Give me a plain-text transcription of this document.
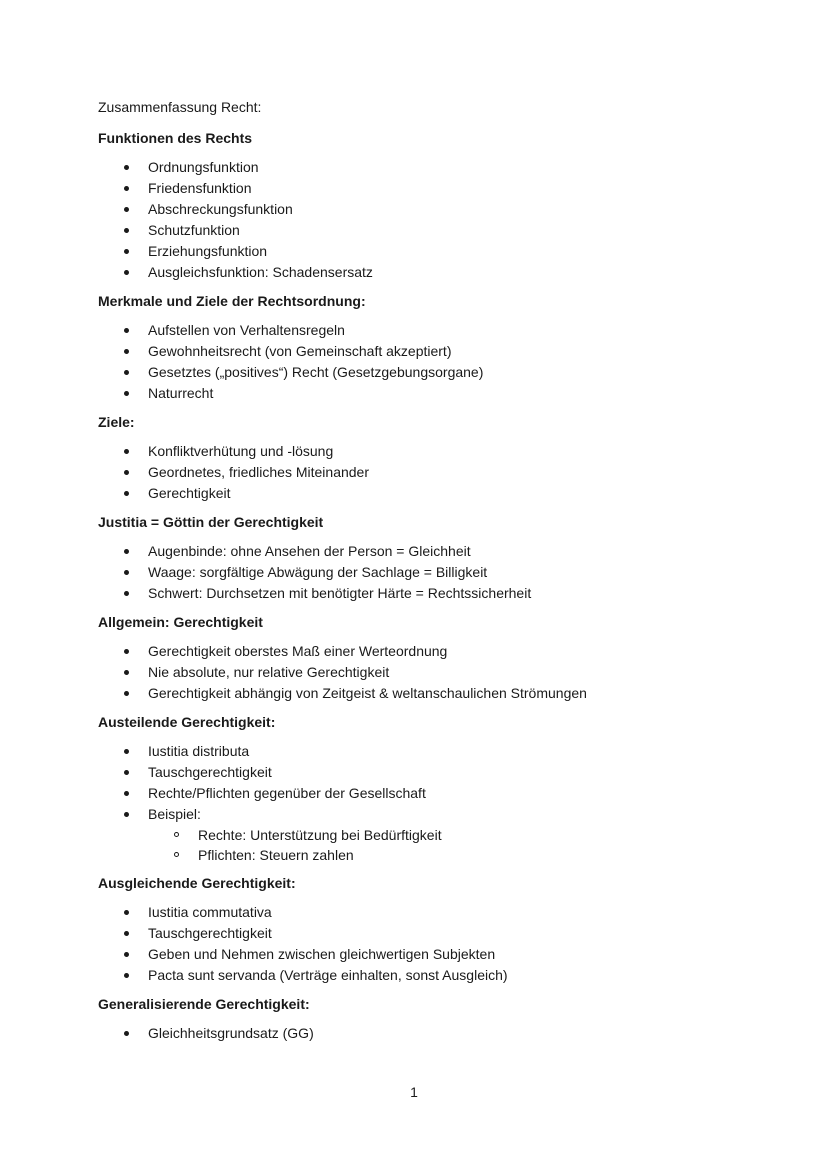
Zusammenfassung Recht:

Funktionen des Rechts

Ordnungsfunktion
Friedensfunktion
Abschreckungsfunktion
Schutzfunktion
Erziehungsfunktion
Ausgleichsfunktion: Schadensersatz

Merkmale und Ziele der Rechtsordnung:

Aufstellen von Verhaltensregeln
Gewohnheitsrecht (von Gemeinschaft akzeptiert)
Gesetztes („positives“) Recht (Gesetzgebungsorgane)
Naturrecht

Ziele:

Konfliktverhütung und -lösung
Geordnetes, friedliches Miteinander
Gerechtigkeit

Justitia = Göttin der Gerechtigkeit

Augenbinde: ohne Ansehen der Person = Gleichheit
Waage: sorgfältige Abwägung der Sachlage = Billigkeit
Schwert: Durchsetzen mit benötigter Härte = Rechtssicherheit

Allgemein: Gerechtigkeit

Gerechtigkeit oberstes Maß einer Werteordnung
Nie absolute, nur relative Gerechtigkeit
Gerechtigkeit abhängig von Zeitgeist & weltanschaulichen Strömungen

Austeilende Gerechtigkeit:

Iustitia distributa
Tauschgerechtigkeit
Rechte/Pflichten gegenüber der Gesellschaft
Beispiel:
Rechte: Unterstützung bei Bedürftigkeit
Pflichten: Steuern zahlen

Ausgleichende Gerechtigkeit:

Iustitia commutativa
Tauschgerechtigkeit
Geben und Nehmen zwischen gleichwertigen Subjekten
Pacta sunt servanda (Verträge einhalten, sonst Ausgleich)

Generalisierende Gerechtigkeit:

Gleichheitsgrundsatz (GG)
1
